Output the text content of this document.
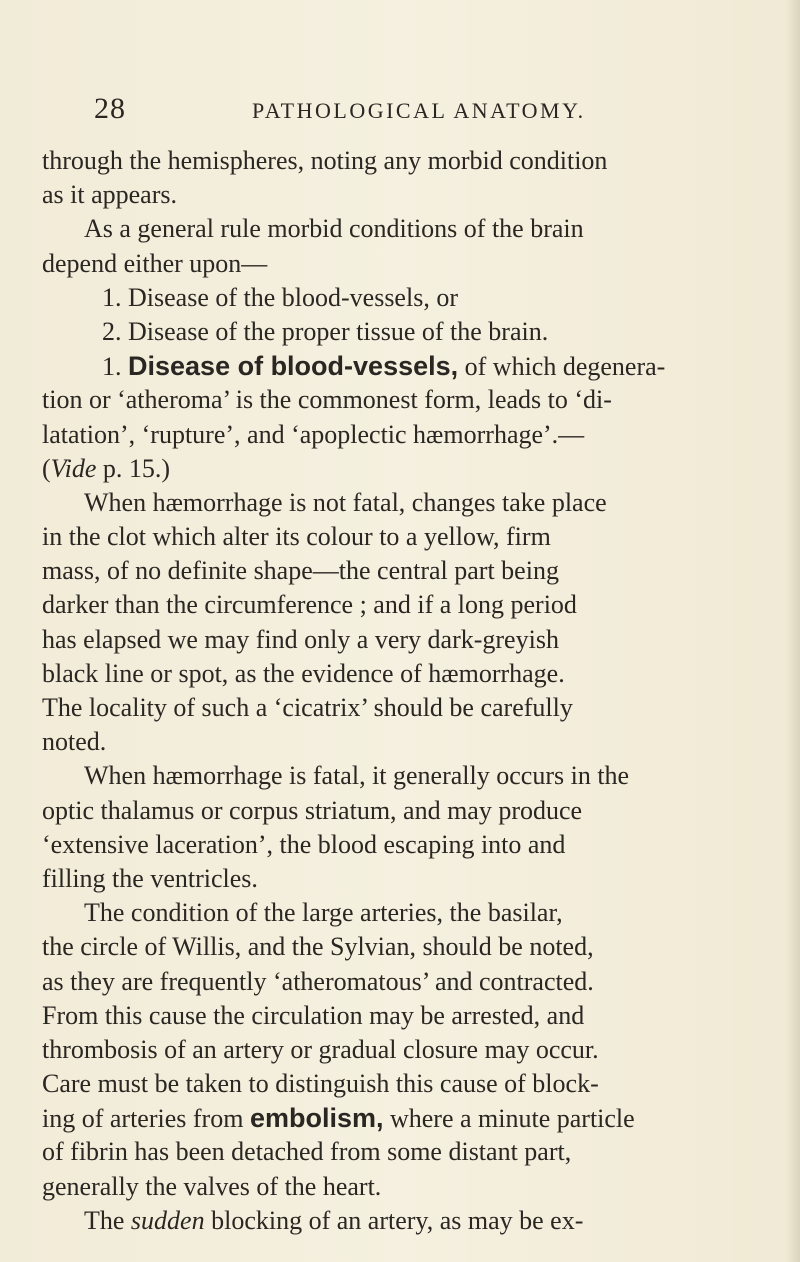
28	PATHOLOGICAL ANATOMY.
through the hemispheres, noting any morbid condition
as it appears.
As a general rule morbid conditions of the brain
depend either upon—
1. Disease of the blood-vessels, or
2. Disease of the proper tissue of the brain.
1. Disease of blood-vessels, of which degenera-
tion or ‘atheroma’ is the commonest form, leads to ‘di-
latation’, ‘rupture’, and ‘apoplectic hæmorrhage’.—
(Vide p. 15.)
When hæmorrhage is not fatal, changes take place
in the clot which alter its colour to a yellow, firm
mass, of no definite shape—the central part being
darker than the circumference ; and if a long period
has elapsed we may find only a very dark-greyish
black line or spot, as the evidence of hæmorrhage.
The locality of such a ‘cicatrix’ should be carefully
noted.
When hæmorrhage is fatal, it generally occurs in the
optic thalamus or corpus striatum, and may produce
‘extensive laceration’, the blood escaping into and
filling the ventricles.
The condition of the large arteries, the basilar,
the circle of Willis, and the Sylvian, should be noted,
as they are frequently ‘atheromatous’ and contracted.
From this cause the circulation may be arrested, and
thrombosis of an artery or gradual closure may occur.
Care must be taken to distinguish this cause of block-
ing of arteries from embolism, where a minute particle
of fibrin has been detached from some distant part,
generally the valves of the heart.
The sudden blocking of an artery, as may be ex-
